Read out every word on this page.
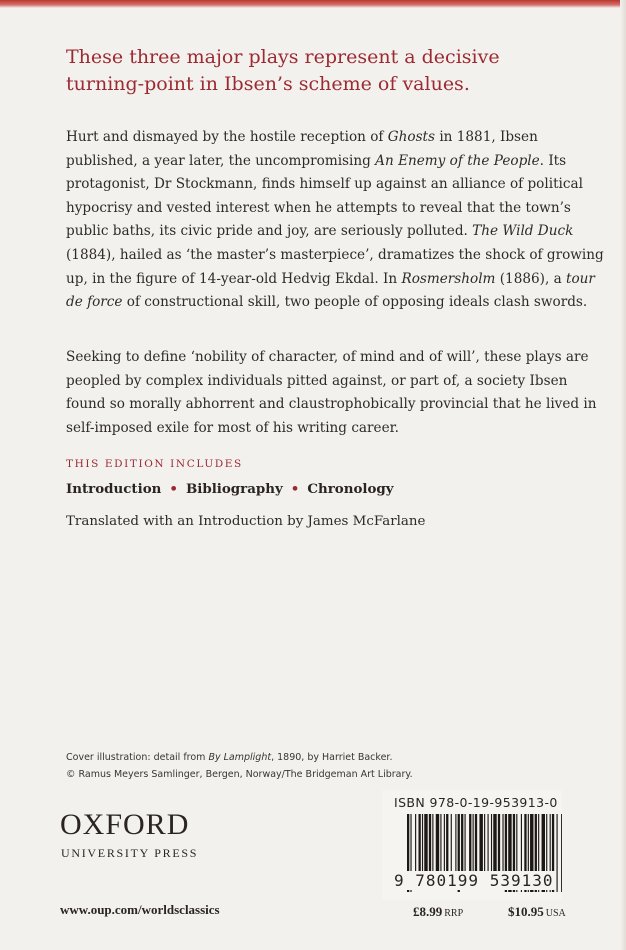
These three major plays represent a decisive turning-point in Ibsen’s scheme of values.

Hurt and dismayed by the hostile reception of Ghosts in 1881, Ibsen published, a year later, the uncompromising An Enemy of the People. Its protagonist, Dr Stockmann, finds himself up against an alliance of political hypocrisy and vested interest when he attempts to reveal that the town’s public baths, its civic pride and joy, are seriously polluted. The Wild Duck (1884), hailed as ‘the master’s masterpiece’, dramatizes the shock of growing up, in the figure of 14-year-old Hedvig Ekdal. In Rosmersholm (1886), a tour de force of constructional skill, two people of opposing ideals clash swords.

Seeking to define ‘nobility of character, of mind and of will’, these plays are peopled by complex individuals pitted against, or part of, a society Ibsen found so morally abhorrent and claustrophobically provincial that he lived in self-imposed exile for most of his writing career.

THIS EDITION INCLUDES

Introduction • Bibliography • Chronology
Translated with an Introduction by James McFarlane
Cover illustration: detail from By Lamplight, 1890, by Harriet Backer.
© Ramus Meyers Samlinger, Bergen, Norway/The Bridgeman Art Library.
OXFORD
UNIVERSITY PRESS
www.oup.com/worldsclassics
ISBN 978-0-19-953913-0
9 780199 539130
£8.99 RRP	$10.95 USA
